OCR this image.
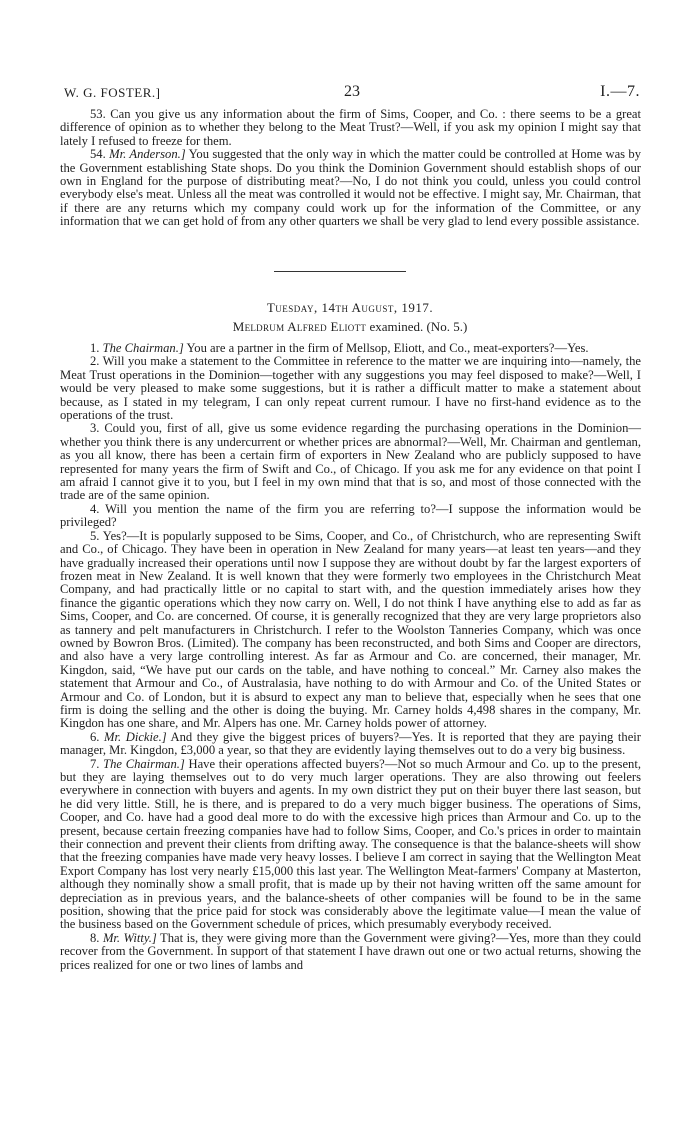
W. G. FOSTER.]	23	I.—7.

53. Can you give us any information about the firm of Sims, Cooper, and Co. : there seems to be a great difference of opinion as to whether they belong to the Meat Trust?—Well, if you ask my opinion I might say that lately I refused to freeze for them.

54. Mr. Anderson.] You suggested that the only way in which the matter could be controlled at Home was by the Government establishing State shops. Do you think the Dominion Government should establish shops of our own in England for the purpose of distributing meat?—No, I do not think you could, unless you could control everybody else's meat. Unless all the meat was controlled it would not be effective. I might say, Mr. Chairman, that if there are any returns which my company could work up for the information of the Committee, or any information that we can get hold of from any other quarters we shall be very glad to lend every possible assistance.

Tuesday, 14th August, 1917.
Meldrum Alfred Eliott examined. (No. 5.)

1. The Chairman.] You are a partner in the firm of Mellsop, Eliott, and Co., meat-exporters?—Yes.

2. Will you make a statement to the Committee in reference to the matter we are inquiring into—namely, the Meat Trust operations in the Dominion—together with any suggestions you may feel disposed to make?—Well, I would be very pleased to make some suggestions, but it is rather a difficult matter to make a statement about because, as I stated in my telegram, I can only repeat current rumour. I have no first-hand evidence as to the operations of the trust.

3. Could you, first of all, give us some evidence regarding the purchasing operations in the Dominion—whether you think there is any undercurrent or whether prices are abnormal?—Well, Mr. Chairman and gentleman, as you all know, there has been a certain firm of exporters in New Zealand who are publicly supposed to have represented for many years the firm of Swift and Co., of Chicago. If you ask me for any evidence on that point I am afraid I cannot give it to you, but I feel in my own mind that that is so, and most of those connected with the trade are of the same opinion.

4. Will you mention the name of the firm you are referring to?—I suppose the information would be privileged?

5. Yes?—It is popularly supposed to be Sims, Cooper, and Co., of Christchurch, who are representing Swift and Co., of Chicago. They have been in operation in New Zealand for many years—at least ten years—and they have gradually increased their operations until now I suppose they are without doubt by far the largest exporters of frozen meat in New Zealand. It is well known that they were formerly two employees in the Christchurch Meat Company, and had practically little or no capital to start with, and the question immediately arises how they finance the gigantic operations which they now carry on. Well, I do not think I have anything else to add as far as Sims, Cooper, and Co. are concerned. Of course, it is generally recognized that they are very large proprietors also as tannery and pelt manufacturers in Christchurch. I refer to the Woolston Tanneries Company, which was once owned by Bowron Bros. (Limited). The company has been reconstructed, and both Sims and Cooper are directors, and also have a very large controlling interest. As far as Armour and Co. are concerned, their manager, Mr. Kingdon, said, “We have put our cards on the table, and have nothing to conceal.” Mr. Carney also makes the statement that Armour and Co., of Australasia, have nothing to do with Armour and Co. of the United States or Armour and Co. of London, but it is absurd to expect any man to believe that, especially when he sees that one firm is doing the selling and the other is doing the buying. Mr. Carney holds 4,498 shares in the company, Mr. Kingdon has one share, and Mr. Alpers has one. Mr. Carney holds power of attorney.

6. Mr. Dickie.] And they give the biggest prices of buyers?—Yes. It is reported that they are paying their manager, Mr. Kingdon, £3,000 a year, so that they are evidently laying themselves out to do a very big business.

7. The Chairman.] Have their operations affected buyers?—Not so much Armour and Co. up to the present, but they are laying themselves out to do very much larger operations. They are also throwing out feelers everywhere in connection with buyers and agents. In my own district they put on their buyer there last season, but he did very little. Still, he is there, and is prepared to do a very much bigger business. The operations of Sims, Cooper, and Co. have had a good deal more to do with the excessive high prices than Armour and Co. up to the present, because certain freezing companies have had to follow Sims, Cooper, and Co.'s prices in order to maintain their connection and prevent their clients from drifting away. The consequence is that the balance-sheets will show that the freezing companies have made very heavy losses. I believe I am correct in saying that the Wellington Meat Export Company has lost very nearly £15,000 this last year. The Wellington Meat-farmers' Company at Masterton, although they nominally show a small profit, that is made up by their not having written off the same amount for depreciation as in previous years, and the balance-sheets of other companies will be found to be in the same position, showing that the price paid for stock was considerably above the legitimate value—I mean the value of the business based on the Government schedule of prices, which presumably everybody received.

8. Mr. Witty.] That is, they were giving more than the Government were giving?—Yes, more than they could recover from the Government. In support of that statement I have drawn out one or two actual returns, showing the prices realized for one or two lines of lambs and
